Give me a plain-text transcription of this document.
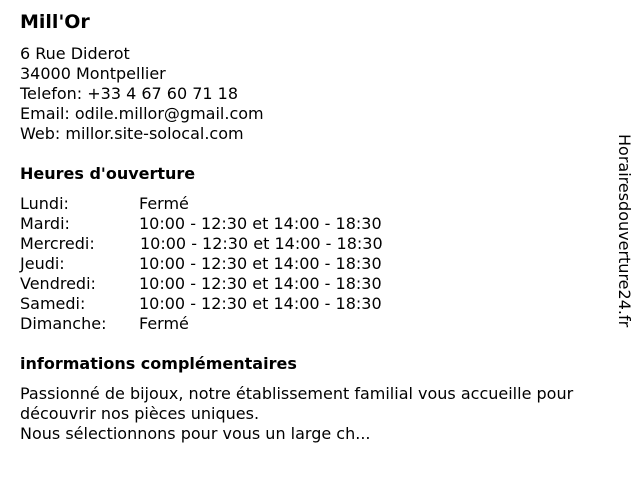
Mill'Or
6 Rue Diderot
34000 Montpellier
Telefon: +33 4 67 60 71 18
Email: odile.millor@gmail.com
Web: millor.site-solocal.com
Heures d'ouverture
Lundi:	Fermé
Mardi:	10:00 - 12:30 et 14:00 - 18:30
Mercredi:	10:00 - 12:30 et 14:00 - 18:30
Jeudi:	10:00 - 12:30 et 14:00 - 18:30
Vendredi:	10:00 - 12:30 et 14:00 - 18:30
Samedi:	10:00 - 12:30 et 14:00 - 18:30
Dimanche: Fermé
informations complémentaires
Passionné de bijoux, notre établissement familial vous accueille pour
découvrir nos pièces uniques.
Nous sélectionnons pour vous un large ch...
Horairesdouverture24.fr
